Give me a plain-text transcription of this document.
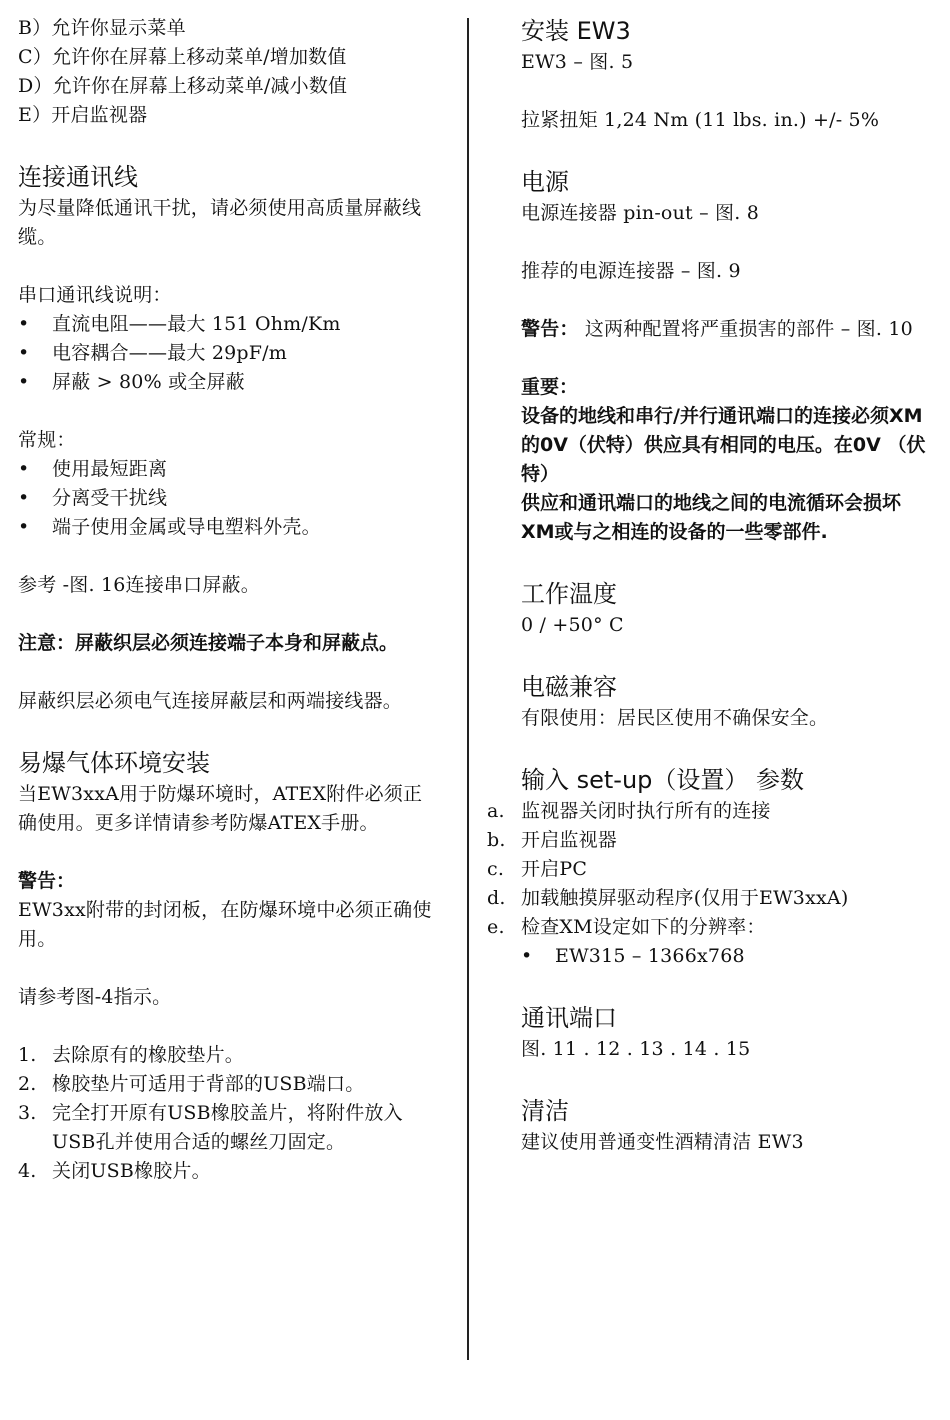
B）允许你显示菜单
C）允许你在屏幕上移动菜单/增加数值
D）允许你在屏幕上移动菜单/减小数值
E）开启监视器
连接通讯线

为尽量降低通讯干扰，请必须使用高质量屏蔽线缆。

串口通讯线说明：

•
直流电阻——最大 151 Ohm/Km
•
电容耦合——最大 29pF/m
•
屏蔽 > 80% 或全屏蔽

常规：

•
使用最短距离
•
分离受干扰线
•
端子使用金属或导电塑料外壳。

参考 -图. 16连接串口屏蔽。

注意：屏蔽织层必须连接端子本身和屏蔽点。

屏蔽织层必须电气连接屏蔽层和两端接线器。

易爆气体环境安装

当EW3xxA用于防爆环境时，ATEX附件必须正确使用。更多详情请参考防爆ATEX手册。

警告：

EW3xx附带的封闭板，在防爆环境中必须正确使用。

请参考图-4指示。

1. 去除原有的橡胶垫片。
2. 橡胶垫片可适用于背部的USB端口。
3. 完全打开原有USB橡胶盖片，将附件放入USB孔并使用合适的螺丝刀固定。
4. 关闭USB橡胶片。
安装 EW3

EW3 – 图. 5

拉紧扭矩 1,24 Nm (11 lbs. in.) +/- 5%

电源

电源连接器 pin-out – 图. 8

推荐的电源连接器 – 图. 9

警告： 这两种配置将严重损害的部件 – 图. 10

重要：

设备的地线和串行/并行通讯端口的连接必须XM的0V（伏特）供应具有相同的电压。在0V （伏特）

供应和通讯端口的地线之间的电流循环会损坏XM或与之相连的设备的一些零部件.

工作温度

0 / +50° C

电磁兼容

有限使用：居民区使用不确保安全。

输入 set-up（设置） 参数
a. 监视器关闭时执行所有的连接
b. 开启监视器
c. 开启PC
d. 加载触摸屏驱动程序(仅用于EW3xxA)
e. 检查XM设定如下的分辨率：
•
EW315 – 1366x768
通讯端口

图. 11 . 12 . 13 . 14 . 15

清洁

建议使用普通变性酒精清洁 EW3
